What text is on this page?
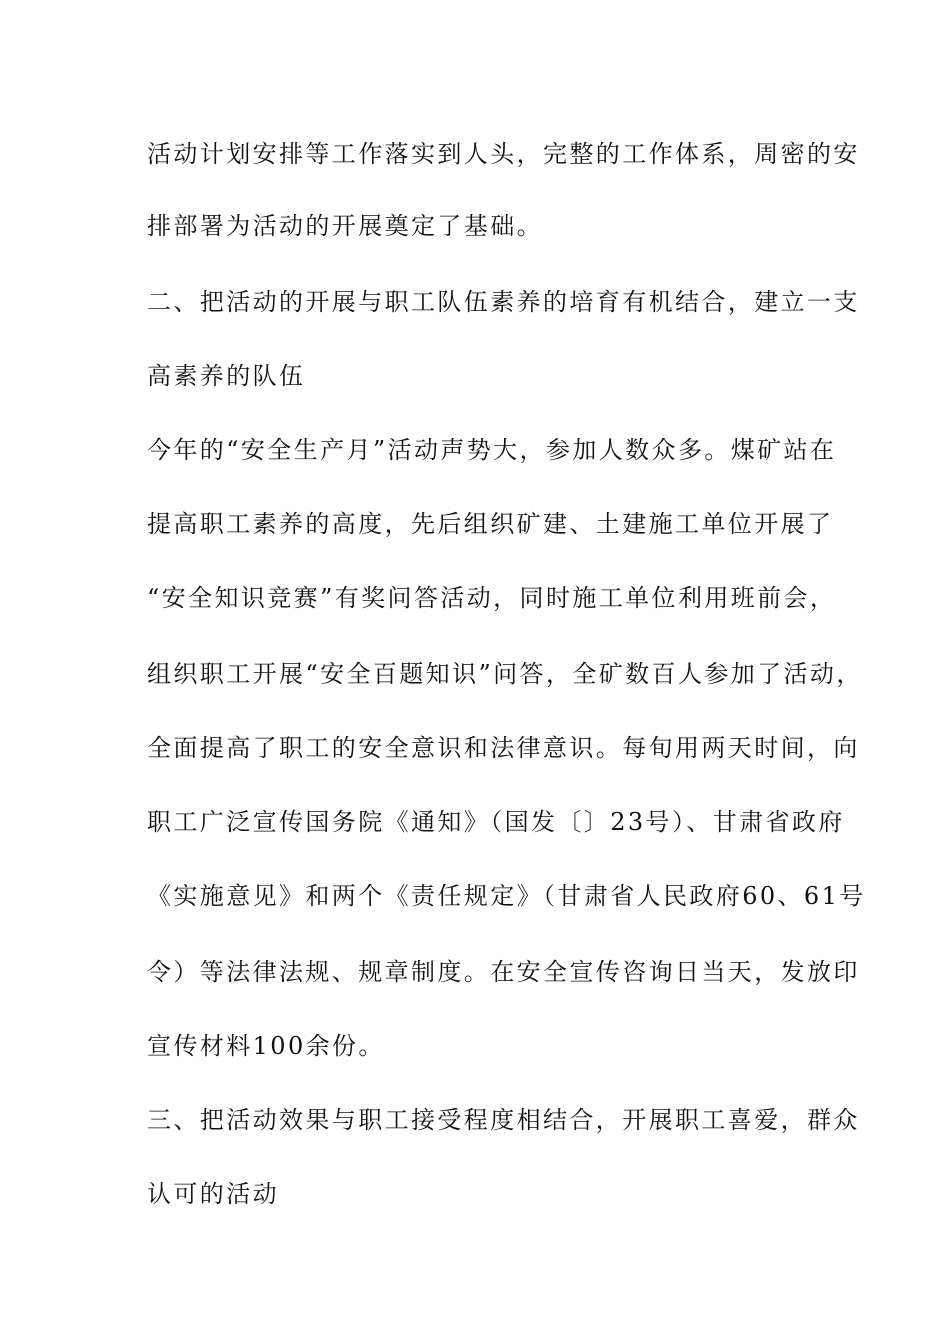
活动计划安排等工作落实到人头，完整的工作体系，周密的安
排部署为活动的开展奠定了基础。
二、把活动的开展与职工队伍素养的培育有机结合，建立一支
高素养的队伍
今年的“安全生产月”活动声势大，参加人数众多。煤矿站在
提高职工素养的高度，先后组织矿建、土建施工单位开展了
“安全知识竞赛”有奖问答活动，同时施工单位利用班前会，
组织职工开展“安全百题知识”问答，全矿数百人参加了活动，
全面提高了职工的安全意识和法律意识。每旬用两天时间，向
职工广泛宣传国务院《通知》（国发〔〕23号）、甘肃省政府
《实施意见》和两个《责任规定》（甘肃省人民政府60、61号
令）等法律法规、规章制度。在安全宣传咨询日当天，发放印
宣传材料100余份。
三、把活动效果与职工接受程度相结合，开展职工喜爱，群众
认可的活动
